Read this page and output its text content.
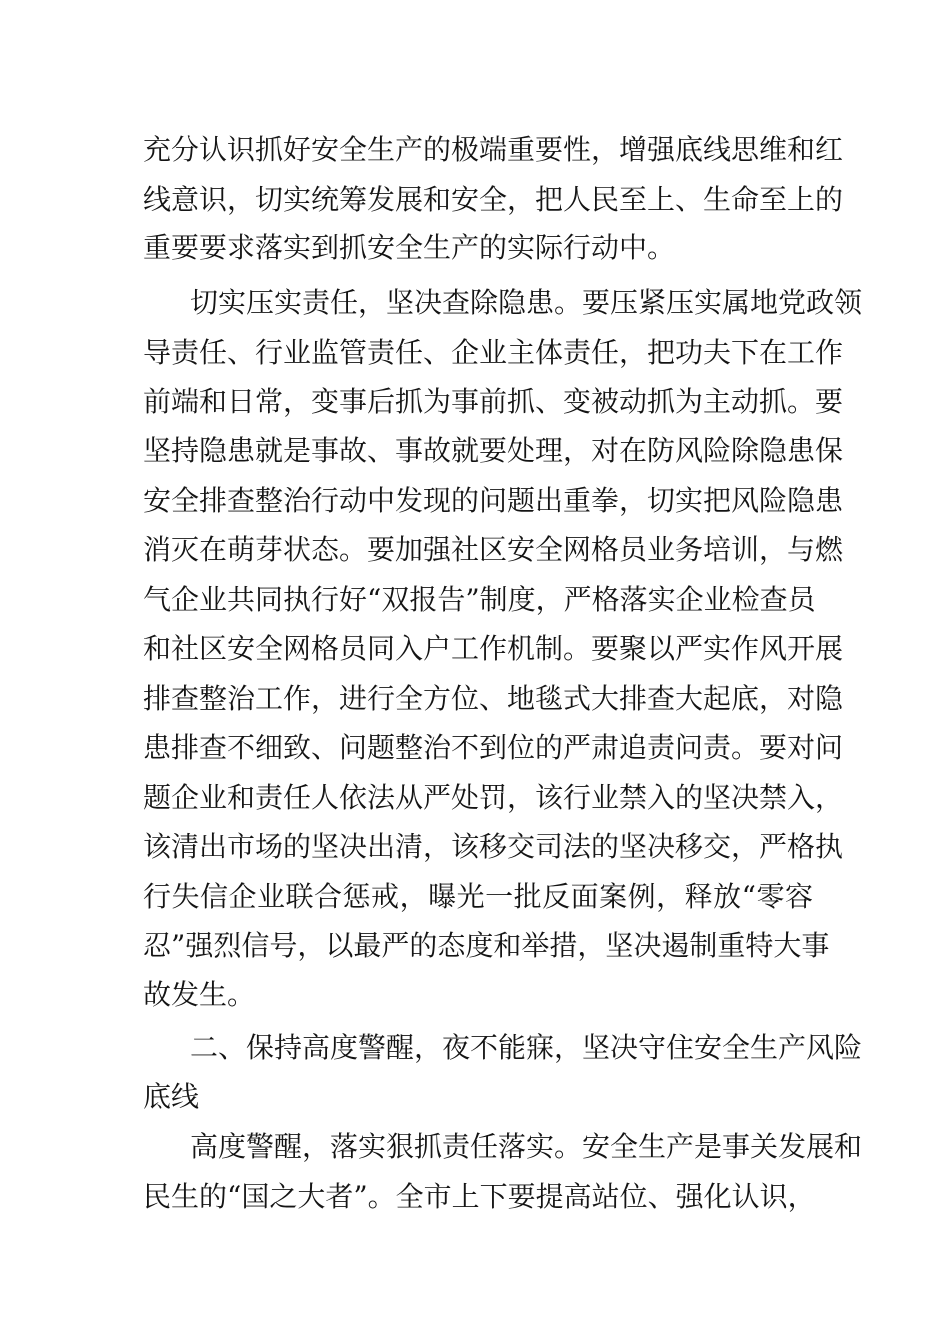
充分认识抓好安全生产的极端重要性，增强底线思维和红
线意识，切实统筹发展和安全，把人民至上、生命至上的
重要要求落实到抓安全生产的实际行动中。
切实压实责任，坚决查除隐患。要压紧压实属地党政领
导责任、行业监管责任、企业主体责任，把功夫下在工作
前端和日常，变事后抓为事前抓、变被动抓为主动抓。要
坚持隐患就是事故、事故就要处理，对在防风险除隐患保
安全排查整治行动中发现的问题出重拳，切实把风险隐患
消灭在萌芽状态。要加强社区安全网格员业务培训，与燃
气企业共同执行好“双报告”制度，严格落实企业检查员
和社区安全网格员同入户工作机制。要聚以严实作风开展
排查整治工作，进行全方位、地毯式大排查大起底，对隐
患排查不细致、问题整治不到位的严肃追责问责。要对问
题企业和责任人依法从严处罚，该行业禁入的坚决禁入，
该清出市场的坚决出清，该移交司法的坚决移交，严格执
行失信企业联合惩戒，曝光一批反面案例，释放“零容
忍”强烈信号，以最严的态度和举措，坚决遏制重特大事
故发生。
二、保持高度警醒，夜不能寐，坚决守住安全生产风险
底线
高度警醒，落实狠抓责任落实。安全生产是事关发展和
民生的“国之大者”。全市上下要提高站位、强化认识，
